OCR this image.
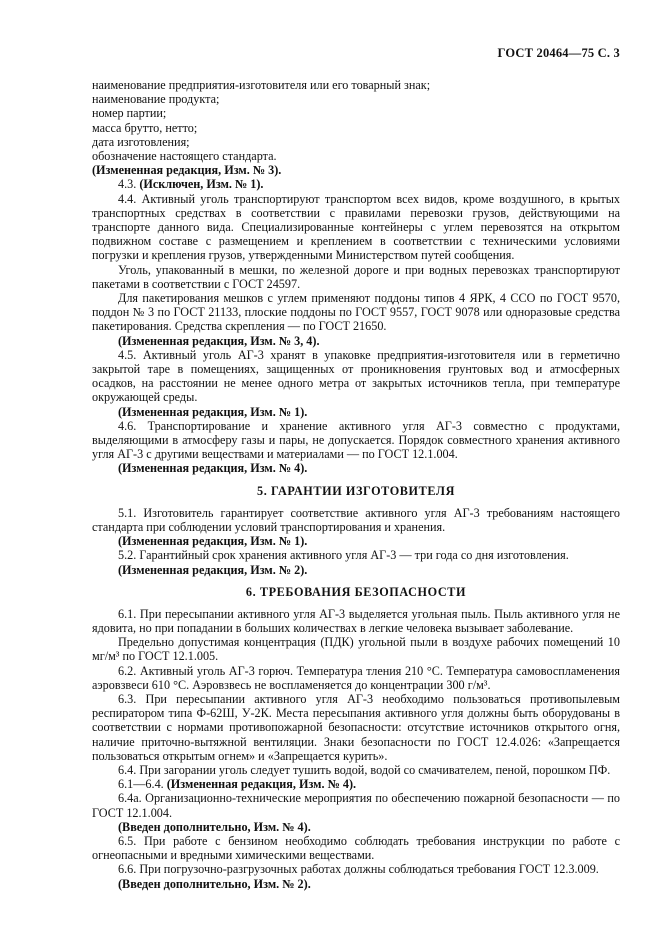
ГОСТ 20464—75 С. 3

наименование предприятия-изготовителя или его товарный знак;

наименование продукта;

номер партии;

масса брутто, нетто;

дата изготовления;

обозначение настоящего стандарта.

(Измененная редакция, Изм. № 3).

4.3. (Исключен, Изм. № 1).

4.4. Активный уголь транспортируют транспортом всех видов, кроме воздушного, в крытых транспортных средствах в соответствии с правилами перевозки грузов, действующими на транспорте данного вида. Специализированные контейнеры с углем перевозятся на открытом подвижном составе с размещением и креплением в соответствии с техническими условиями погрузки и крепления грузов, утвержденными Министерством путей сообщения.

Уголь, упакованный в мешки, по железной дороге и при водных перевозках транспортируют пакетами в соответствии с ГОСТ 24597.

Для пакетирования мешков с углем применяют поддоны типов 4 ЯРК, 4 ССО по ГОСТ 9570, поддон № 3 по ГОСТ 21133, плоские поддоны по ГОСТ 9557, ГОСТ 9078 или одноразовые средства пакетирования. Средства скрепления — по ГОСТ 21650.

(Измененная редакция, Изм. № 3, 4).

4.5. Активный уголь АГ-3 хранят в упаковке предприятия-изготовителя или в герметично закрытой таре в помещениях, защищенных от проникновения грунтовых вод и атмосферных осадков, на расстоянии не менее одного метра от закрытых источников тепла, при температуре окружающей среды.

(Измененная редакция, Изм. № 1).

4.6. Транспортирование и хранение активного угля АГ-3 совместно с продуктами, выделяющими в атмосферу газы и пары, не допускается. Порядок совместного хранения активного угля АГ-3 с другими веществами и материалами — по ГОСТ 12.1.004.

(Измененная редакция, Изм. № 4).

5. ГАРАНТИИ ИЗГОТОВИТЕЛЯ

5.1. Изготовитель гарантирует соответствие активного угля АГ-3 требованиям настоящего стандарта при соблюдении условий транспортирования и хранения.

(Измененная редакция, Изм. № 1).

5.2. Гарантийный срок хранения активного угля АГ-3 — три года со дня изготовления.

(Измененная редакция, Изм. № 2).

6. ТРЕБОВАНИЯ БЕЗОПАСНОСТИ

6.1. При пересыпании активного угля АГ-3 выделяется угольная пыль. Пыль активного угля не ядовита, но при попадании в больших количествах в легкие человека вызывает заболевание.

Предельно допустимая концентрация (ПДК) угольной пыли в воздухе рабочих помещений 10 мг/м³ по ГОСТ 12.1.005.

6.2. Активный уголь АГ-3 горюч. Температура тления 210 °С. Температура самовоспламенения аэровзвеси 610 °С. Аэровзвесь не воспламеняется до концентрации 300 г/м³.

6.3. При пересыпании активного угля АГ-3 необходимо пользоваться противопылевым респиратором типа Ф-62Ш, У-2К. Места пересыпания активного угля должны быть оборудованы в соответствии с нормами противопожарной безопасности: отсутствие источников открытого огня, наличие приточно-вытяжной вентиляции. Знаки безопасности по ГОСТ 12.4.026: «Запрещается пользоваться открытым огнем» и «Запрещается курить».

6.4. При загорании уголь следует тушить водой, водой со смачивателем, пеной, порошком ПФ.

6.1—6.4. (Измененная редакция, Изм. № 4).

6.4а. Организационно-технические мероприятия по обеспечению пожарной безопасности — по ГОСТ 12.1.004.

(Введен дополнительно, Изм. № 4).

6.5. При работе с бензином необходимо соблюдать требования инструкции по работе с огнеопасными и вредными химическими веществами.

6.6. При погрузочно-разгрузочных работах должны соблюдаться требования ГОСТ 12.3.009.

(Введен дополнительно, Изм. № 2).
